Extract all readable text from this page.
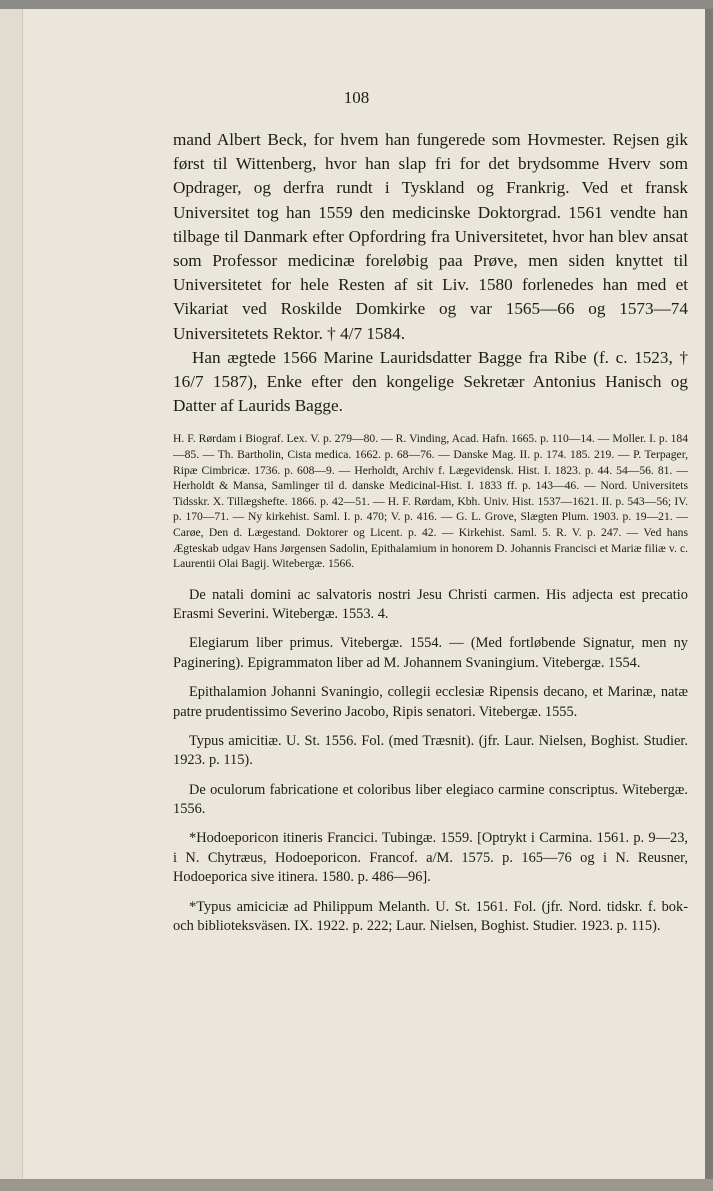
108

mand Albert Beck, for hvem han fungerede som Hovmester. Rejsen gik først til Wittenberg, hvor han slap fri for det brydsomme Hverv som Opdrager, og derfra rundt i Tyskland og Frankrig. Ved et fransk Universitet tog han 1559 den medicinske Doktorgrad. 1561 vendte han tilbage til Danmark efter Opfordring fra Universitetet, hvor han blev ansat som Professor medicinæ foreløbig paa Prøve, men siden knyttet til Universitetet for hele Resten af sit Liv. 1580 forlenedes han med et Vikariat ved Roskilde Domkirke og var 1565—66 og 1573—74 Universitetets Rektor. † 4/7 1584.

Han ægtede 1566 Marine Lauridsdatter Bagge fra Ribe (f. c. 1523, † 16/7 1587), Enke efter den kongelige Sekretær Antonius Hanisch og Datter af Laurids Bagge.

H. F. Rørdam i Biograf. Lex. V. p. 279—80. — R. Vinding, Acad. Hafn. 1665. p. 110—14. — Moller. I. p. 184—85. — Th. Bartholin, Cista medica. 1662. p. 68—76. — Danske Mag. II. p. 174. 185. 219. — P. Terpager, Ripæ Cimbricæ. 1736. p. 608—9. — Herholdt, Archiv f. Lægevidensk. Hist. I. 1823. p. 44. 54—56. 81. — Herholdt & Mansa, Samlinger til d. danske Medicinal-Hist. I. 1833 ff. p. 143—46. — Nord. Universitets Tidsskr. X. Tillægshefte. 1866. p. 42—51. — H. F. Rørdam, Kbh. Univ. Hist. 1537—1621. II. p. 543—56; IV. p. 170—71. — Ny kirkehist. Saml. I. p. 470; V. p. 416. — G. L. Grove, Slægten Plum. 1903. p. 19—21. — Carøe, Den d. Lægestand. Doktorer og Licent. p. 42. — Kirkehist. Saml. 5. R. V. p. 247. — Ved hans Ægteskab udgav Hans Jørgensen Sadolin, Epithalamium in honorem D. Johannis Francisci et Mariæ filiæ v. c. Laurentii Olai Bagij. Witebergæ. 1566.

De natali domini ac salvatoris nostri Jesu Christi carmen. His adjecta est precatio Erasmi Severini. Witebergæ. 1553. 4.

Elegiarum liber primus. Vitebergæ. 1554. — (Med fortløbende Signatur, men ny Paginering). Epigrammaton liber ad M. Johannem Svaningium. Vitebergæ. 1554.

Epithalamion Johanni Svaningio, collegii ecclesiæ Ripensis decano, et Marinæ, natæ patre prudentissimo Severino Jacobo, Ripis senatori. Vitebergæ. 1555.

Typus amicitiæ. U. St. 1556. Fol. (med Træsnit). (jfr. Laur. Nielsen, Boghist. Studier. 1923. p. 115).

De oculorum fabricatione et coloribus liber elegiaco carmine conscriptus. Witebergæ. 1556.

*Hodoeporicon itineris Francici. Tubingæ. 1559. [Optrykt i Carmina. 1561. p. 9—23, i N. Chytræus, Hodoeporicon. Francof. a/M. 1575. p. 165—76 og i N. Reusner, Hodoeporica sive itinera. 1580. p. 486—96].

*Typus amiciciæ ad Philippum Melanth. U. St. 1561. Fol. (jfr. Nord. tidskr. f. bok- och biblioteksväsen. IX. 1922. p. 222; Laur. Nielsen, Boghist. Studier. 1923. p. 115).
